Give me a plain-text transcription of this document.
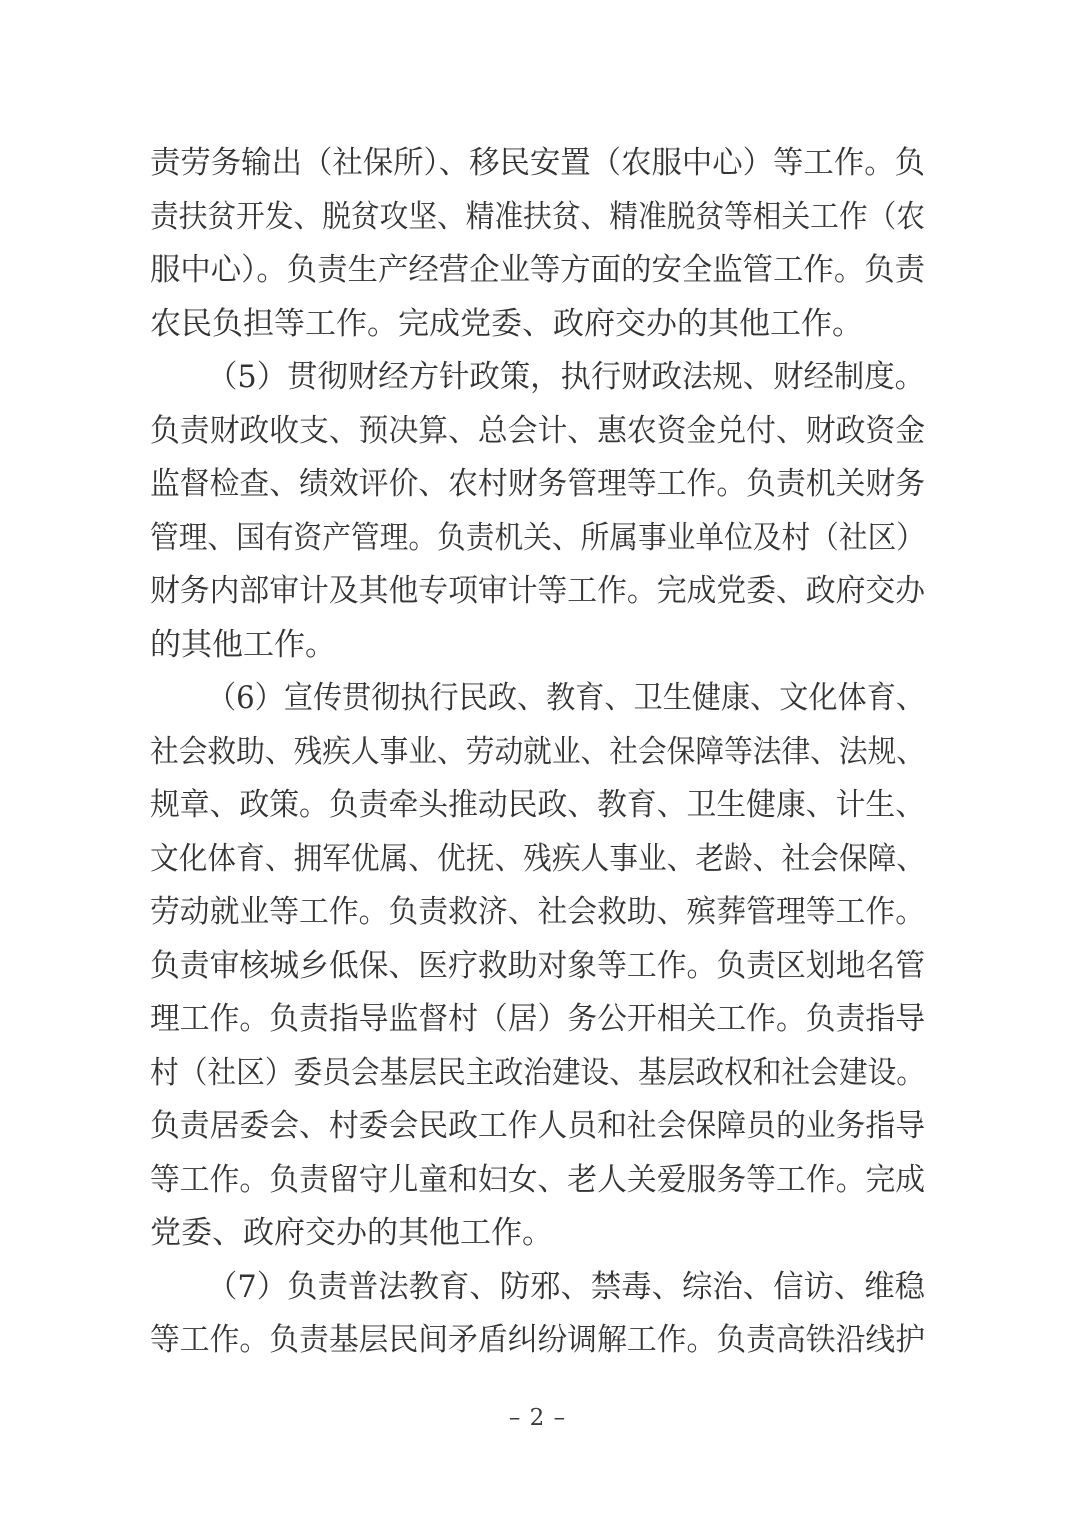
责劳务输出（社保所）、移民安置（农服中心）等工作。负
责扶贫开发、脱贫攻坚、精准扶贫、精准脱贫等相关工作（农
服中心）。负责生产经营企业等方面的安全监管工作。负责
农民负担等工作。完成党委、政府交办的其他工作。
（5）贯彻财经方针政策，执行财政法规、财经制度。
负责财政收支、预决算、总会计、惠农资金兑付、财政资金
监督检查、绩效评价、农村财务管理等工作。负责机关财务
管理、国有资产管理。负责机关、所属事业单位及村（社区）
财务内部审计及其他专项审计等工作。完成党委、政府交办
的其他工作。
（6）宣传贯彻执行民政、教育、卫生健康、文化体育、
社会救助、残疾人事业、劳动就业、社会保障等法律、法规、
规章、政策。负责牵头推动民政、教育、卫生健康、计生、
文化体育、拥军优属、优抚、残疾人事业、老龄、社会保障、
劳动就业等工作。负责救济、社会救助、殡葬管理等工作。
负责审核城乡低保、医疗救助对象等工作。负责区划地名管
理工作。负责指导监督村（居）务公开相关工作。负责指导
村（社区）委员会基层民主政治建设、基层政权和社会建设。
负责居委会、村委会民政工作人员和社会保障员的业务指导
等工作。负责留守儿童和妇女、老人关爱服务等工作。完成
党委、政府交办的其他工作。
（7）负责普法教育、防邪、禁毒、综治、信访、维稳
等工作。负责基层民间矛盾纠纷调解工作。负责高铁沿线护
– 2 –
